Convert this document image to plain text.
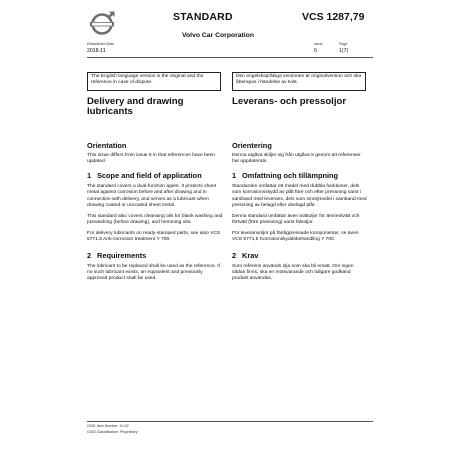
STANDARD	VCS 1287,79
Volvo Car Corporation
Established Date
2018-11
Issue
6
Page
1(7)
The English language version is the original and the reference in case of dispute.
Den engelskspråkiga versionen är originalversion och ska åberopas i händelse av tvist.
Delivery and drawing lubricants
Orientation
This issue differs from issue 5 in that references have been updated.
1 Scope and field of application
The standard covers a dual-function agent. It protects sheet metal against corrosion before and after drawing and in connection with delivery, and serves as a lubricant when drawing coated or uncoated sheet metal.
This standard also covers cleansing oils for blank washing and prewashing (before drawing), and hemming oils.
For delivery lubricants on ready-stamped parts, see also VCS 5771,5 Anti-corrosion treatment Y 700.
2 Requirements
The lubricant to be replaced shall be used as the reference. If no such lubricant exists, an equivalent and previously approved product shall be used.
Leverans- och pressoljor
Orientering
Denna utgåva skiljer sig från utgåva 5 genom att referenser har uppdaterats.
1 Omfattning och tillämpning
Standarden omfattar ett medel med dubbla funktioner, dels som korrosionsskydd av plåt före och efter pressning samt i samband med leverans, dels som smörjmedel i samband med pressning av belagd eller obelagd plåt.
Denna standard omfattar även tvättoljor för ämnestvätt och förtvätt (före pressning) samt falsoljor.
För leveransoljor på färdigpressade komponenter, se även VCS 5771,5 Korrosionskyddsbehandling Y 700.
2 Krav
Som referens används olja som ska bli ersatt. Om ingen sådan finns, ska en motsvarande och tidigare godkänd produkt användas.
G051 Item Number: 10-02
G052 Classification: Proprietary
